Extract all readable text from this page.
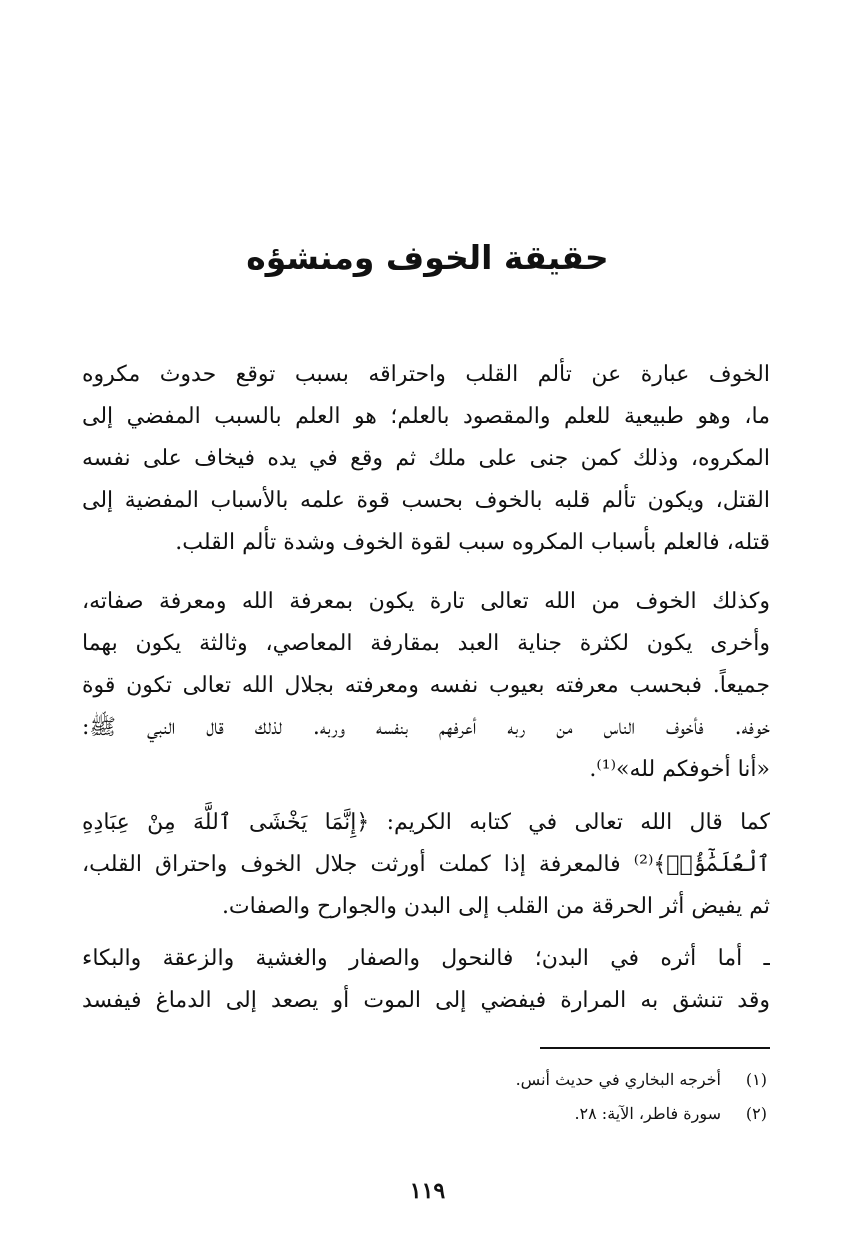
حقيقة الخوف ومنشؤه
الخوف عبارة عن تألم القلب واحتراقه بسبب توقع حدوث مكروه
ما، وهو طبيعية للعلم والمقصود بالعلم؛ هو العلم بالسبب المفضي إلى
المكروه، وذلك كمن جنى على ملك ثم وقع في يده فيخاف على نفسه
القتل، ويكون تألم قلبه بالخوف بحسب قوة علمه بالأسباب المفضية إلى
قتله، فالعلم بأسباب المكروه سبب لقوة الخوف وشدة تألم القلب.
وكذلك الخوف من الله تعالى تارة يكون بمعرفة الله ومعرفة صفاته،
وأخرى يكون لكثرة جناية العبد بمقارفة المعاصي، وثالثة يكون بهما
جميعاً. فبحسب معرفته بعيوب نفسه ومعرفته بجلال الله تعالى تكون قوة
خوفه. فأخوف الناس من ربه أعرفهم بنفسه وربه. لذلك قال النبي ﷺ:
«أنا أخوفكم لله»⁽¹⁾.
كما قال الله تعالى في كتابه الكريم: ﴿إِنَّمَا يَخْشَى ٱللَّهَ مِنْ عِبَادِهِ
ٱلْعُلَمَٰٓؤُا۟﴾⁽²⁾ فالمعرفة إذا كملت أورثت جلال الخوف واحتراق القلب،
ثم يفيض أثر الحرقة من القلب إلى البدن والجوارح والصفات.
ـ أما أثره في البدن؛ فالنحول والصفار والغشية والزعقة والبكاء
وقد تنشق به المرارة فيفضي إلى الموت أو يصعد إلى الدماغ فيفسد
(١)أخرجه البخاري في حديث أنس.
(٢)سورة فاطر، الآية: ٢٨.
١١٩
